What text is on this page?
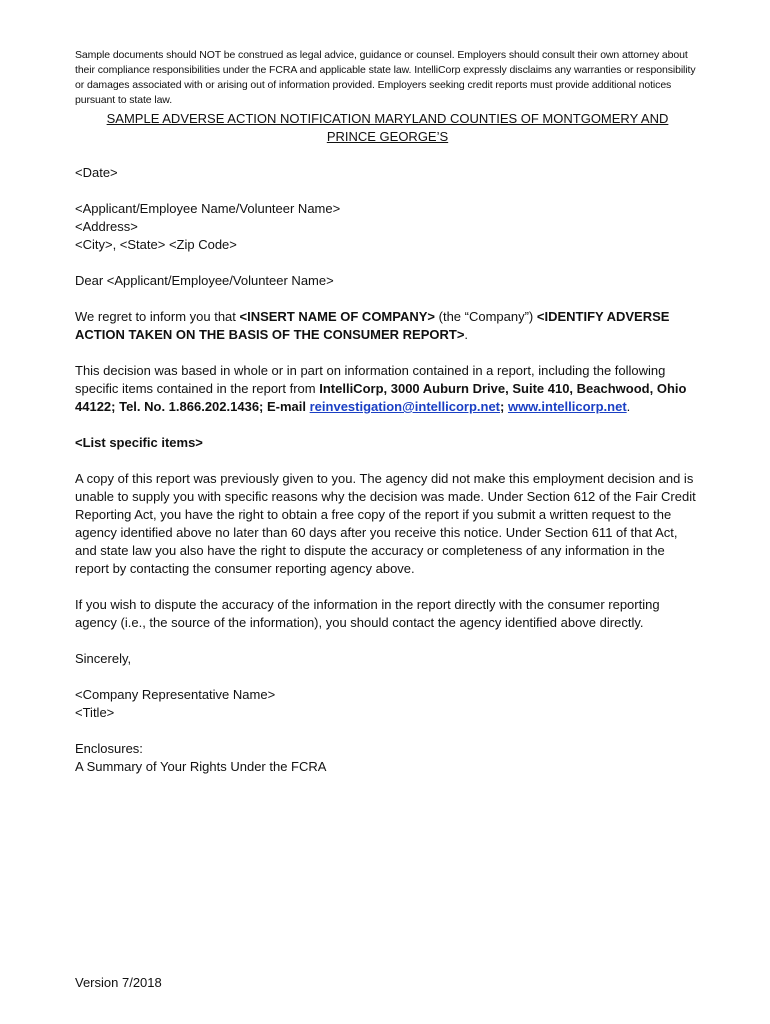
Sample documents should NOT be construed as legal advice, guidance or counsel. Employers should consult their own attorney about their compliance responsibilities under the FCRA and applicable state law. IntelliCorp expressly disclaims any warranties or responsibility or damages associated with or arising out of information provided. Employers seeking credit reports must provide additional notices pursuant to state law.

SAMPLE ADVERSE ACTION NOTIFICATION MARYLAND COUNTIES OF MONTGOMERY AND PRINCE GEORGE’S

<Date>

<Applicant/Employee Name/Volunteer Name>

<Address>

<City>, <State> <Zip Code>

Dear <Applicant/Employee/Volunteer Name>

We regret to inform you that <INSERT NAME OF COMPANY> (the “Company”) <IDENTIFY ADVERSE ACTION TAKEN ON THE BASIS OF THE CONSUMER REPORT>.

This decision was based in whole or in part on information contained in a report, including the following specific items contained in the report from IntelliCorp, 3000 Auburn Drive, Suite 410, Beachwood, Ohio 44122; Tel. No. 1.866.202.1436; E-mail reinvestigation@intellicorp.net; www.intellicorp.net.

<List specific items>

A copy of this report was previously given to you. The agency did not make this employment decision and is unable to supply you with specific reasons why the decision was made. Under Section 612 of the Fair Credit Reporting Act, you have the right to obtain a free copy of the report if you submit a written request to the agency identified above no later than 60 days after you receive this notice. Under Section 611 of that Act, and state law you also have the right to dispute the accuracy or completeness of any information in the report by contacting the consumer reporting agency above.

If you wish to dispute the accuracy of the information in the report directly with the consumer reporting agency (i.e., the source of the information), you should contact the agency identified above directly.

Sincerely,

<Company Representative Name>

<Title>

Enclosures:

A Summary of Your Rights Under the FCRA

Version 7/2018
